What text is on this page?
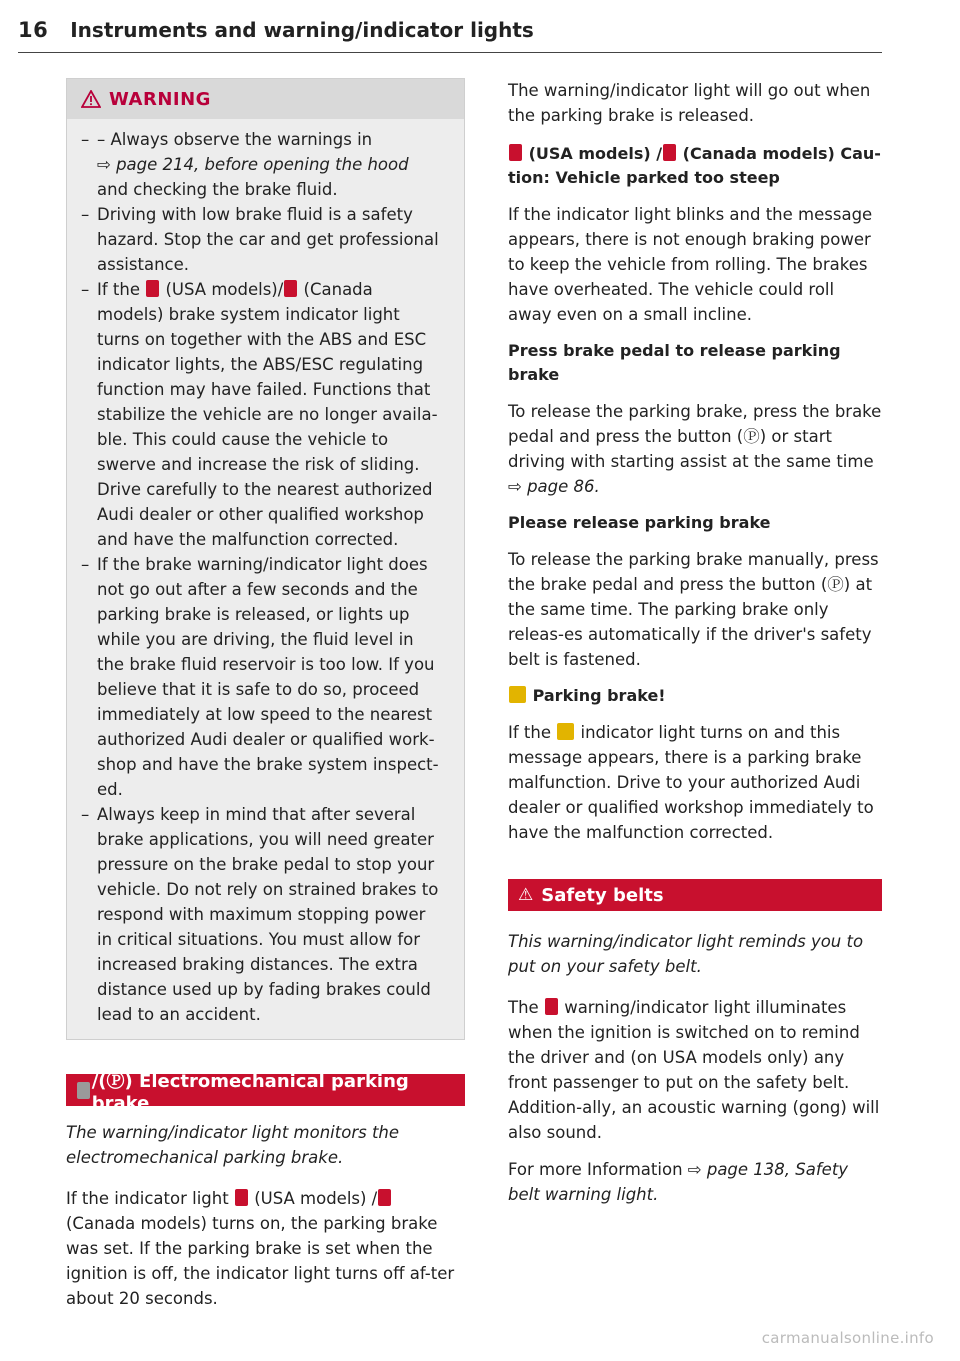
16 Instruments and warning/indicator lights
WARNING
– – Always observe the warnings in
⇨ page 214, before opening the hood
and checking the brake fluid.
– Driving with low brake fluid is a safety
hazard. Stop the car and get professional
assistance.
– If the (USA models)/ (Canada
models) brake system indicator light
turns on together with the ABS and ESC
indicator lights, the ABS/ESC regulating
function may have failed. Functions that
stabilize the vehicle are no longer availa-
ble. This could cause the vehicle to
swerve and increase the risk of sliding.
Drive carefully to the nearest authorized
Audi dealer or other qualified workshop
and have the malfunction corrected.
– If the brake warning/indicator light does
not go out after a few seconds and the
parking brake is released, or lights up
while you are driving, the fluid level in
the brake fluid reservoir is too low. If you
believe that it is safe to do so, proceed
immediately at low speed to the nearest
authorized Audi dealer or qualified work-
shop and have the brake system inspect-
ed.
– Always keep in mind that after several
brake applications, you will need greater
pressure on the brake pedal to stop your
vehicle. Do not rely on strained brakes to
respond with maximum stopping power
in critical situations. You must allow for
increased braking distances. The extra
distance used up by fading brakes could
lead to an accident.
/(Ⓟ) Electromechanical parking brake

The warning/indicator light monitors the electromechanical parking brake.

If the indicator light (USA models) / (Canada models) turns on, the parking brake was set. If the parking brake is set when the ignition is off, the indicator light turns off af-ter about 20 seconds.

The warning/indicator light will go out when the parking brake is released.

(USA models) / (Canada models) Cau-tion: Vehicle parked too steep

If the indicator light blinks and the message appears, there is not enough braking power to keep the vehicle from rolling. The brakes have overheated. The vehicle could roll away even on a small incline.

Press brake pedal to release parking brake

To release the parking brake, press the brake pedal and press the button (Ⓟ) or start driving with starting assist at the same time
⇨ page 86.

Please release parking brake

To release the parking brake manually, press the brake pedal and press the button (Ⓟ) at the same time. The parking brake only releas-es automatically if the driver's safety belt is fastened.

Parking brake!

If the indicator light turns on and this message appears, there is a parking brake malfunction. Drive to your authorized Audi dealer or qualified workshop immediately to have the malfunction corrected.

⚠ Safety belts

This warning/indicator light reminds you to put on your safety belt.

The warning/indicator light illuminates when the ignition is switched on to remind the driver and (on USA models only) any front passenger to put on the safety belt. Addition-ally, an acoustic warning (gong) will also sound.

For more Information ⇨ page 138, Safety belt warning light.

carmanualsonline.info
